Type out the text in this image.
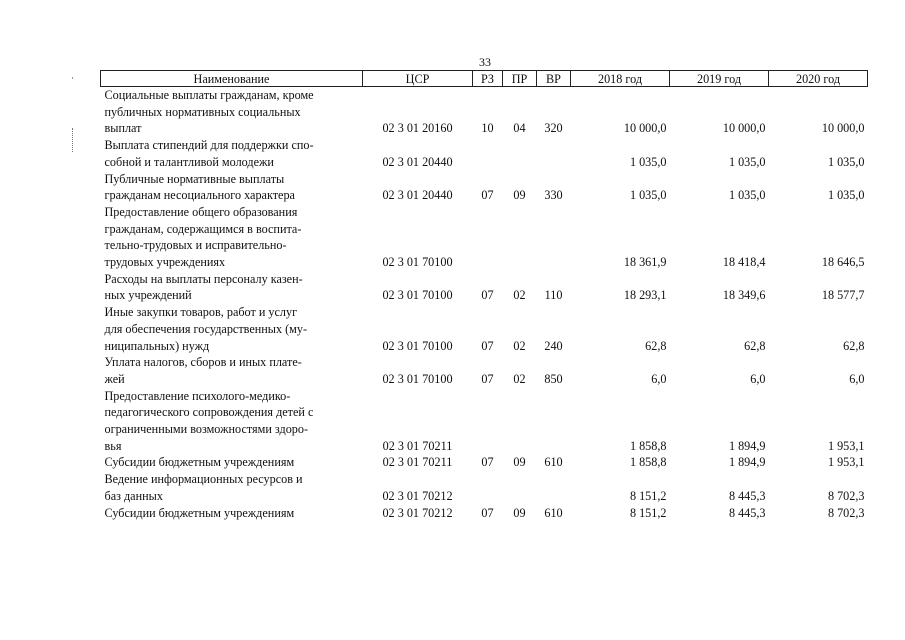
33
Наименование	ЦСР	РЗ	ПР	ВР	2018 год	2019 год	2020 год
Социальные выплаты гражданам, кроме
публичных нормативных социальных
выплат	02 3 01 20160	10	04	320	10 000,0	10 000,0	10 000,0
Выплата стипендий для поддержки спо-
собной и талантливой молодежи	02 3 01 20440				1 035,0	1 035,0	1 035,0
Публичные нормативные выплаты
гражданам несоциального характера	02 3 01 20440	07	09	330	1 035,0	1 035,0	1 035,0
Предоставление общего образования
гражданам, содержащимся в воспита-
тельно-трудовых и исправительно-
трудовых учреждениях	02 3 01 70100				18 361,9	18 418,4	18 646,5
Расходы на выплаты персоналу казен-
ных учреждений	02 3 01 70100	07	02	110	18 293,1	18 349,6	18 577,7
Иные закупки товаров, работ и услуг
для обеспечения государственных (му-
ниципальных) нужд	02 3 01 70100	07	02	240	62,8	62,8	62,8
Уплата налогов, сборов и иных плате-
жей	02 3 01 70100	07	02	850	6,0	6,0	6,0
Предоставление психолого-медико-
педагогического сопровождения детей с
ограниченными возможностями здоро-
вья	02 3 01 70211				1 858,8	1 894,9	1 953,1
Субсидии бюджетным учреждениям	02 3 01 70211	07	09	610	1 858,8	1 894,9	1 953,1
Ведение информационных ресурсов и
баз данных	02 3 01 70212				8 151,2	8 445,3	8 702,3
Субсидии бюджетным учреждениям	02 3 01 70212	07	09	610	8 151,2	8 445,3	8 702,3
